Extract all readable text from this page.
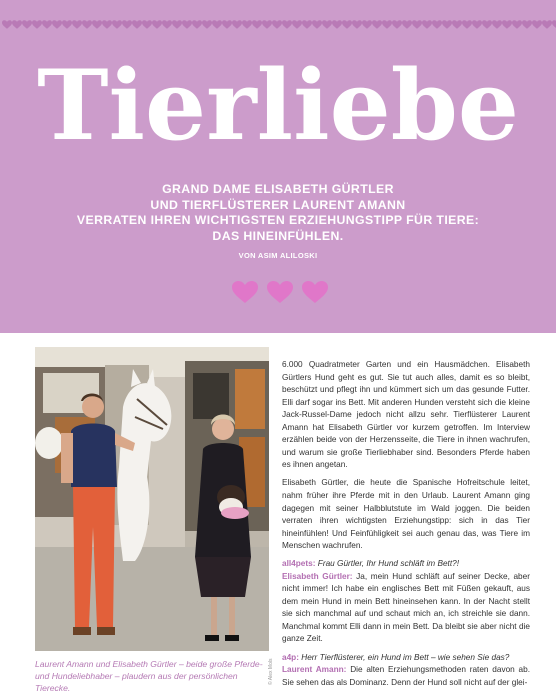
Tierliebe
GRAND DAME ELISABETH GÜRTLER
UND TIERFLÜSTERER LAURENT AMANN
VERRATEN IHREN WICHTIGSTEN ERZIEHUNGSTIPP FÜR TIERE:
DAS HINEINFÜHLEN.
VON ASIM ALILOSKI
Laurent Amann und Elisabeth Gürtler – beide große Pferde- und Hundeliebhaber – plaudern aus der persönlichen Tierecke.
© Alex Mols

6.000 Quadratmeter Garten und ein Hausmädchen. Elisabeth Gürtlers Hund geht es gut. Sie tut auch alles, damit es so bleibt, beschützt und pflegt ihn und kümmert sich um das gesunde Futter. Elli darf sogar ins Bett. Mit anderen Hunden versteht sich die kleine Jack-Russel-Dame jedoch nicht allzu sehr. Tierflüsterer Laurent Amann hat Elisabeth Gürtler vor kurzem getroffen. Im Interview erzählen beide von der Herzensseite, die Tiere in ihnen wachrufen, und warum sie große Tierliebhaber sind. Besonders Pferde haben es ihnen angetan.

Elisabeth Gürtler, die heute die Spanische Hofreitschule leitet, nahm früher ihre Pferde mit in den Urlaub. Laurent Amann ging dagegen mit seiner Halbblutstute im Wald joggen. Die beiden verraten ihren wichtigsten Erziehungstipp: sich in das Tier hineinfühlen! Und Feinfühligkeit sei auch genau das, was Tiere im Menschen wachrufen.

all4pets: Frau Gürtler, Ihr Hund schläft im Bett?!
Elisabeth Gürtler: Ja, mein Hund schläft auf seiner Decke, aber nicht immer! Ich habe ein englisches Bett mit Füßen gekauft, aus dem mein Hund in mein Bett hineinsehen kann. In der Nacht stellt sie sich manchmal auf und schaut mich an, ich streichle sie dann. Manchmal kommt Elli dann in mein Bett. Da bleibt sie aber nicht die ganze Zeit.

a4p: Herr Tierflüsterer, ein Hund im Bett – wie sehen Sie das?
Laurent Amann: Die alten Erziehungsmethoden raten davon ab. Sie sehen das als Dominanz. Denn der Hund soll nicht auf der glei-
